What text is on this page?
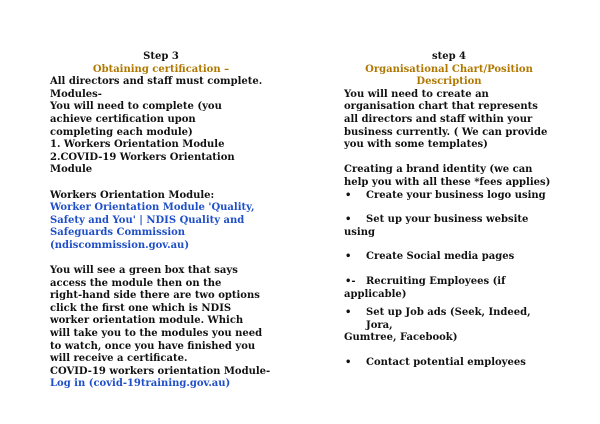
Step 3
Obtaining certification –

All directors and staff must complete.

Modules-

You will need to complete (you

achieve certification upon

completing each module)

1. Workers Orientation Module

2.COVID-19 Workers Orientation

Module

Workers Orientation Module:

Worker Orientation Module 'Quality,

Safety and You' | NDIS Quality and

Safeguards Commission

(ndiscommission.gov.au)

You will see a green box that says

access the module then on the

right-hand side there are two options

click the first one which is NDIS

worker orientation module. Which

will take you to the modules you need

to watch, once you have finished you

will receive a certificate.

COVID-19 workers orientation Module-

Log in (covid-19training.gov.au)

step 4
Organisational Chart/Position
Description

You will need to create an

organisation chart that represents

all directors and staff within your

business currently. ( We can provide

you with some templates)

Creating a brand identity (we can

help you with all these *fees applies)

• Create your business logo using
• Set up your business website

using

• Create Social media pages
•- Recruiting Employees (if

applicable)

• Set up Job ads (Seek, Indeed, Jora,

Gumtree, Facebook)

• Contact potential employees
